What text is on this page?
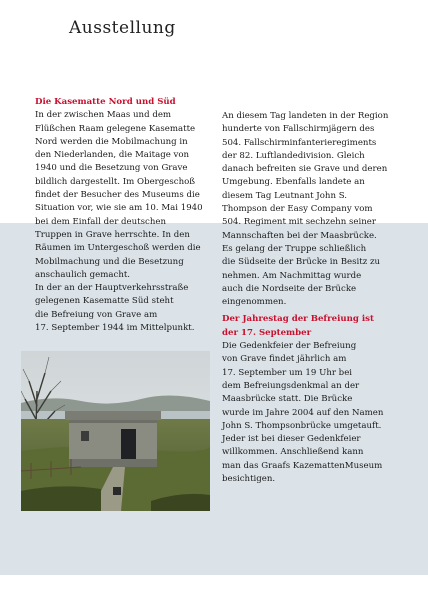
Ausstellung
Die Kasematte Nord und Süd
In der zwischen Maas und dem
Flüßchen Raam gelegene Kasematte
Nord werden die Mobilmachung in
den Niederlanden, die Maitage von
1940 und die Besetzung von Grave
bildlich dargestellt. Im Obergeschoß
findet der Besucher des Museums die
Situation vor, wie sie am 10. Mai 1940
bei dem Einfall der deutschen
Truppen in Grave herrschte. In den
Räumen im Untergeschoß werden die
Mobilmachung und die Besetzung
anschaulich gemacht.
In der an der Hauptverkehrsstraße
gelegenen Kasematte Süd steht
die Befreiung von Grave am
17. September 1944 im Mittelpunkt.
An diesem Tag landeten in der Region
hunderte von Fallschirmjägern des
504. Fallschirminfanterieregiments
der 82. Luftlandedivision. Gleich
danach befreiten sie Grave und deren
Umgebung. Ebenfalls landete an
diesem Tag Leutnant John S.
Thompson der Easy Company vom
504. Regiment mit sechzehn seiner
Mannschaften bei der Maasbrücke.
Es gelang der Truppe schließlich
die Südseite der Brücke in Besitz zu
nehmen. Am Nachmittag wurde
auch die Nordseite der Brücke
eingenommen.
Der Jahrestag der Befreiung ist
der 17. September
Die Gedenkfeier der Befreiung
von Grave findet jährlich am
17. September um 19 Uhr bei
dem Befreiungsdenkmal an der
Maasbrücke statt. Die Brücke
wurde im Jahre 2004 auf den Namen
John S. Thompsonbrücke umgetauft.
Jeder ist bei dieser Gedenkfeier
willkommen. Anschließend kann
man das Graafs KazemattenMuseum
besichtigen.
